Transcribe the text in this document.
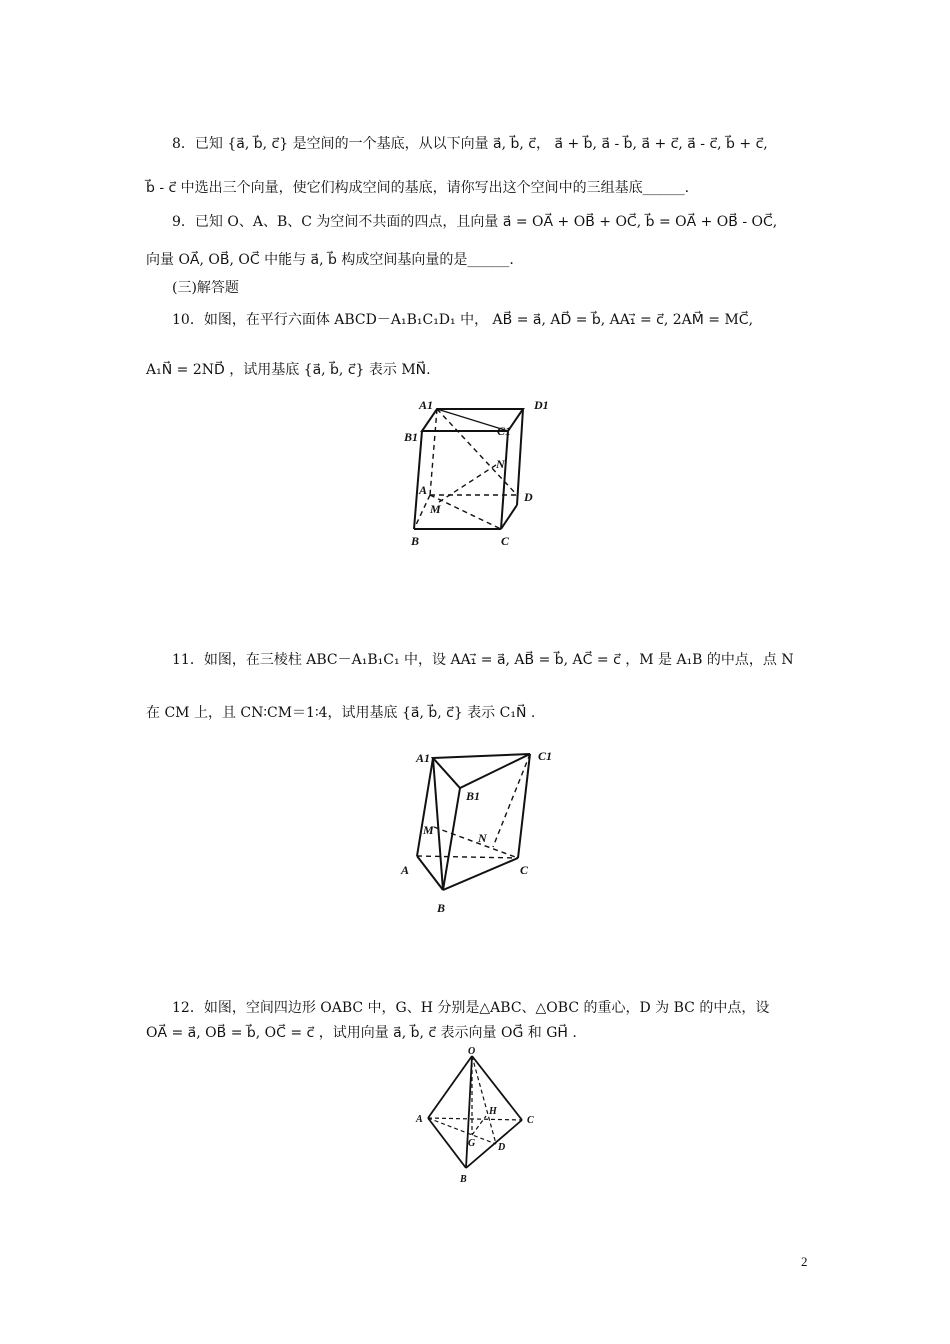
8．已知 {a⃗, b⃗, c⃗} 是空间的一个基底，从以下向量 a⃗, b⃗, c⃗， a⃗ + b⃗, a⃗ - b⃗, a⃗ + c⃗, a⃗ - c⃗, b⃗ + c⃗,
b⃗ - c⃗ 中选出三个向量，使它们构成空间的基底，请你写出这个空间中的三组基底______.
9．已知 O、A、B、C 为空间不共面的四点，且向量 a⃗ = OA⃗ + OB⃗ + OC⃗, b⃗ = OA⃗ + OB⃗ - OC⃗,
向量 OA⃗, OB⃗, OC⃗ 中能与 a⃗, b⃗ 构成空间基向量的是______.
(三)解答题
10．如图，在平行六面体 ABCD－A₁B₁C₁D₁ 中， AB⃗ = a⃗, AD⃗ = b⃗, AA₁⃗ = c⃗, 2AM⃗ = MC⃗,
A₁N⃗ = 2ND⃗ ，试用基底 {a⃗, b⃗, c⃗} 表示 MN⃗.
A1	D1
B1	C1
N
A	D
M
B	C
11．如图，在三棱柱 ABC－A₁B₁C₁ 中，设 AA₁⃗ = a⃗, AB⃗ = b⃗, AC⃗ = c⃗ ，M 是 A₁B 的中点，点 N
在 CM 上，且 CN∶CM＝1∶4，试用基底 {a⃗, b⃗, c⃗} 表示 C₁N⃗ .
A1	C1
B1
M
N
A	C
B
12．如图，空间四边形 OABC 中，G、H 分别是△ABC、△OBC 的重心，D 为 BC 的中点，设
OA⃗ = a⃗, OB⃗ = b⃗, OC⃗ = c⃗ ，试用向量 a⃗, b⃗, c⃗ 表示向量 OG⃗ 和 GH⃗ .
O
H
A	C
G D
B
2
